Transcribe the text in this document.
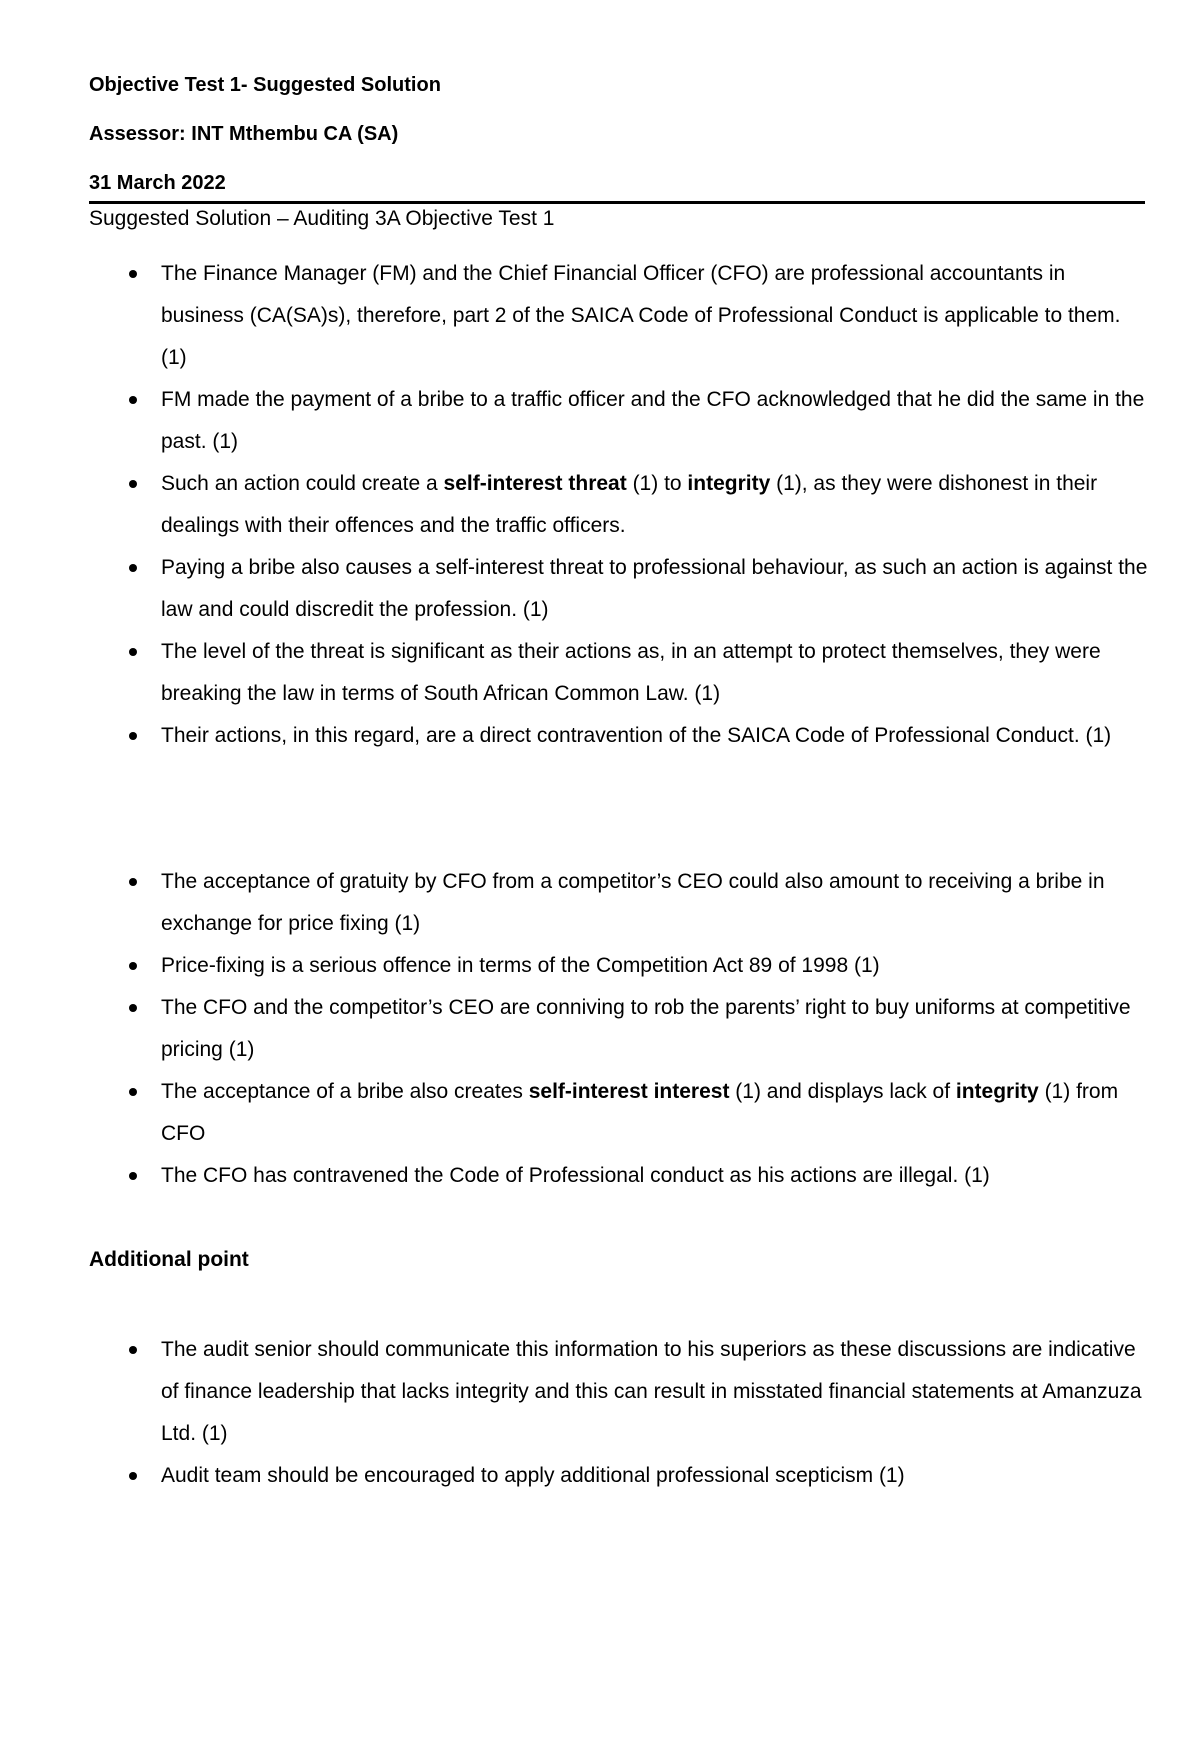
Objective Test 1- Suggested Solution

Assessor: INT Mthembu CA (SA)

31 March 2022

Suggested Solution – Auditing 3A Objective Test 1

The Finance Manager (FM) and the Chief Financial Officer (CFO) are professional accountants in business (CA(SA)s), therefore, part 2 of the SAICA Code of Professional Conduct is applicable to them. (1)
FM made the payment of a bribe to a traffic officer and the CFO acknowledged that he did the same in the past. (1)
Such an action could create a self-interest threat (1) to integrity (1), as they were dishonest in their dealings with their offences and the traffic officers.
Paying a bribe also causes a self-interest threat to professional behaviour, as such an action is against the law and could discredit the profession. (1)
The level of the threat is significant as their actions as, in an attempt to protect themselves, they were breaking the law in terms of South African Common Law. (1)
Their actions, in this regard, are a direct contravention of the SAICA Code of Professional Conduct. (1)
The acceptance of gratuity by CFO from a competitor’s CEO could also amount to receiving a bribe in exchange for price fixing (1)
Price-fixing is a serious offence in terms of the Competition Act 89 of 1998 (1)
The CFO and the competitor’s CEO are conniving to rob the parents’ right to buy uniforms at competitive pricing (1)
The acceptance of a bribe also creates self-interest interest (1) and displays lack of integrity (1) from CFO
The CFO has contravened the Code of Professional conduct as his actions are illegal. (1)

Additional point

The audit senior should communicate this information to his superiors as these discussions are indicative of finance leadership that lacks integrity and this can result in misstated financial statements at Amanzuza Ltd. (1)
Audit team should be encouraged to apply additional professional scepticism (1)
